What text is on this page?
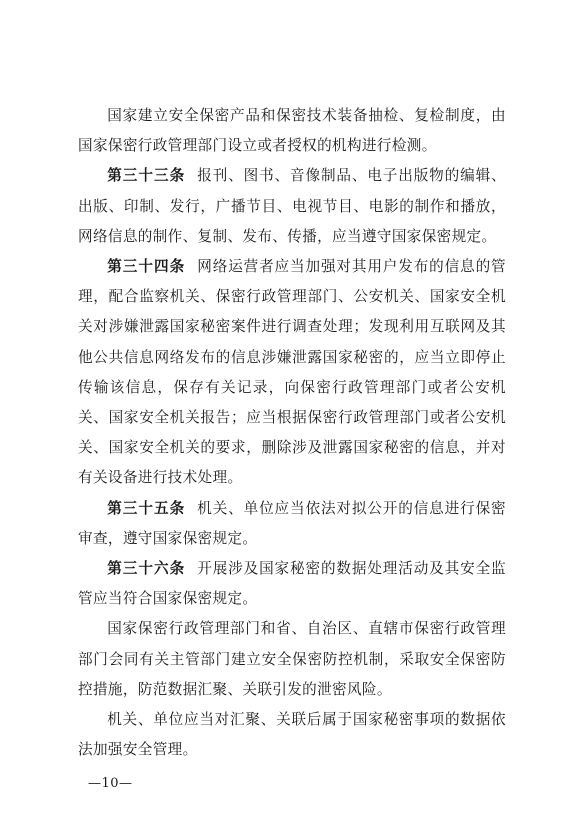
国家建立安全保密产品和保密技术装备抽检、复检制度，由国家保密行政管理部门设立或者授权的机构进行检测。

第三十三条 报刊、图书、音像制品、电子出版物的编辑、出版、印制、发行，广播节目、电视节目、电影的制作和播放，网络信息的制作、复制、发布、传播，应当遵守国家保密规定。

第三十四条 网络运营者应当加强对其用户发布的信息的管理，配合监察机关、保密行政管理部门、公安机关、国家安全机关对涉嫌泄露国家秘密案件进行调查处理；发现利用互联网及其他公共信息网络发布的信息涉嫌泄露国家秘密的，应当立即停止传输该信息，保存有关记录，向保密行政管理部门或者公安机关、国家安全机关报告；应当根据保密行政管理部门或者公安机关、国家安全机关的要求，删除涉及泄露国家秘密的信息，并对有关设备进行技术处理。

第三十五条 机关、单位应当依法对拟公开的信息进行保密审查，遵守国家保密规定。

第三十六条 开展涉及国家秘密的数据处理活动及其安全监管应当符合国家保密规定。

国家保密行政管理部门和省、自治区、直辖市保密行政管理部门会同有关主管部门建立安全保密防控机制，采取安全保密防控措施，防范数据汇聚、关联引发的泄密风险。

机关、单位应当对汇聚、关联后属于国家秘密事项的数据依法加强安全管理。

—10—
